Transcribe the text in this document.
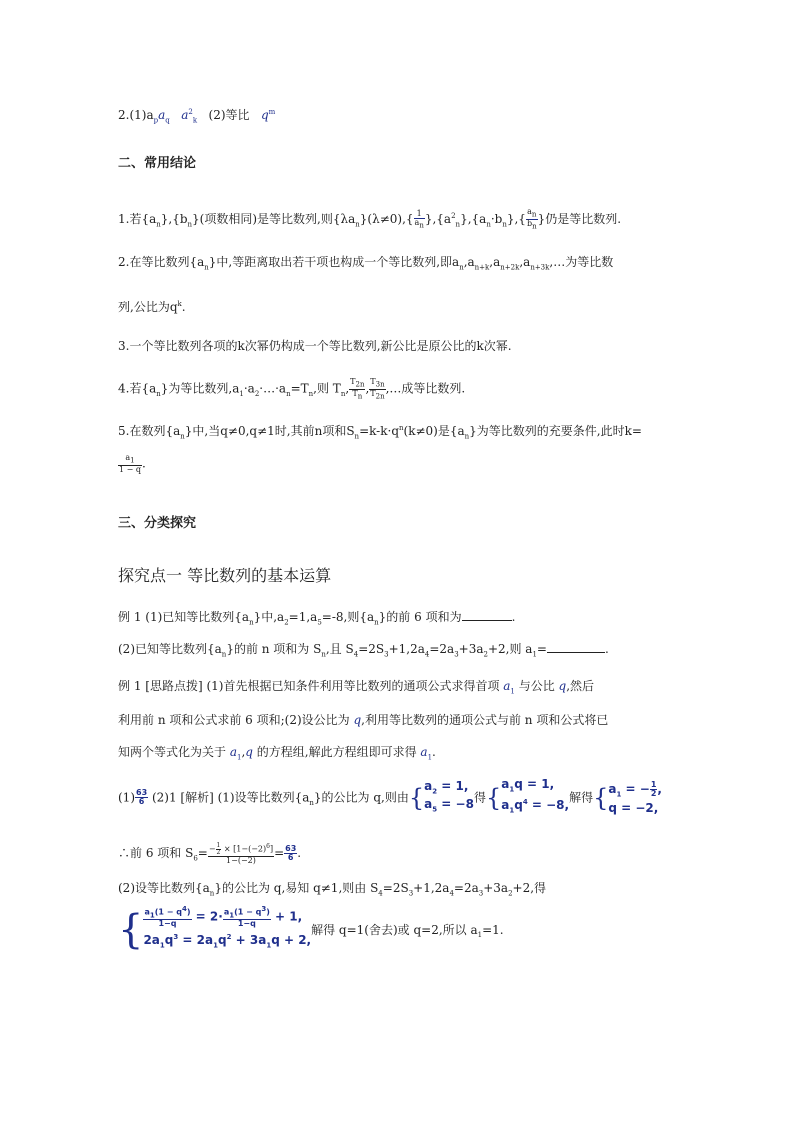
$2.(1)a_pa_q$ $a^2_k$ (2)等比 $q^m$
二、常用结论
1.若$\{a_n\},\{b_n\}$(项数相同)是等比数列,则$\{\lambda a_n\}(\lambda\ne 0),\{ \frac{1}{a_n} \},\{a^2_n\},\{a_n\cdot b_n\},\{ \frac{a_n}{b_n}$ }仍是等比数列.
2.在等比数列$\{a_n\}$中,等距离取出若干项也构成一个等比数列,即$a_n,a_{n+k},a_{n+2k},a_{n+3k},\dots$为等比数
列,公比为$q^k$.
3.一个等比数列各项的k次幂仍构成一个等比数列,新公比是原公比的k次幂.
4.若$\{a_n\}$为等比数列$,a_1\cdot a_2\cdot\dots\cdot a_n=T_n$,则 $T_n$, $\frac{T_{2n}}{T_n}$ , $\frac{T_{3n}}{T_{2n}}$ ,…成等比数列.
5.在数列$\{a_n\}$中,当q≠0,q≠1时,其前n项和$S_n=k-k\cdot q^n(k\ne 0)$是$\{a_n\}$为等比数列的充要条件,此时k=
$\frac{a_1}{1 - q}$ .
三、分类探究
探究点一 等比数列的基本运算
例 1 (1)已知等比数列$\{a_n\}$中$,a_2=1,a_5=-8$,则$\{a_n\}$的前 6 项和为	.
(2)已知等比数列$\{a_n\}$的前 n 项和为 $S_n$,且 $S_4=2S_3+1,2a_4=2a_3+3a_2+2$,则 $a_1=$	.
例 1 [思路点拨] (1)首先根据已知条件利用等比数列的通项公式求得首项 $a_1$ 与公比 q,然后
利用前 n 项和公式求前 6 项和;(2)设公比为 q,利用等比数列的通项公式与前 n 项和公式将已
知两个等式化为关于 $a_1,q$ 的方程组,解此方程组即可求得 $a_1$.
$(1) \frac{63}{6} (2)1$ [解析] (1)设等比数列$\{a_n\}$的公比为 q,则由{ $a_2 = 1$,
$a_5 = -8$ 得{ $a_1q = 1$,
$a_1q^4 = -8$,
解得{ $a_1$ = − $\frac{1}{2}$ ,
q = −2,
∴前 6 项和 $S_6= \frac{- \frac{1}{2} \times [1-(-2)^6]}{1-(-2)} = \frac{63}{6}$ .
(2)设等比数列$\{a_n\}$的公比为 q,易知 q≠1,则由 $S_4=2S_3+1,2a_4=2a_3+3a_2+2$,得
{ $\frac{a_1(1 - q^4)}{1-q} = 2\cdot \frac{a_1(1 - q^3)}{1-q} + 1$,
$2a_1q^3 = 2a_1q^2 + 3a_1q + 2$,
解得 q=1(舍去)或 q=2,所以 $a_1=1$.
